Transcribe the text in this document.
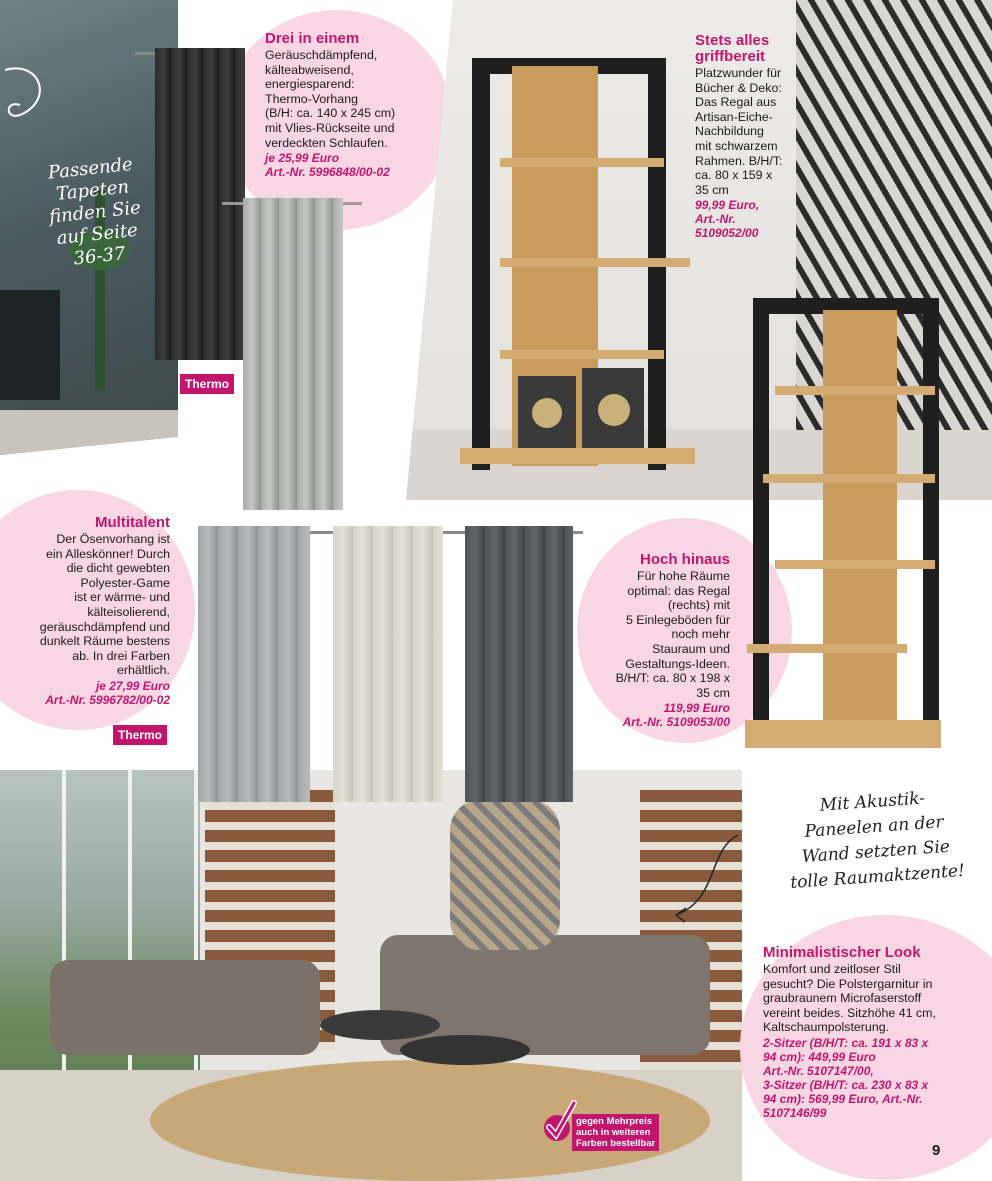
Passende
Tapeten
finden Sie
auf Seite
36-37
Thermo
Drei in einem
Geräuschdämpfend,
kälteabweisend,
energiesparend:
Thermo-Vorhang
(B/H: ca. 140 x 245 cm)
mit Vlies-Rückseite und
verdeckten Schlaufen.
je 25,99 Euro
Art.-Nr. 5996848/00-02
Stets alles
griffbereit
Platzwunder für
Bücher & Deko:
Das Regal aus
Artisan-Eiche-
Nachbildung
mit schwarzem
Rahmen. B/H/T:
ca. 80 x 159 x
35 cm
99,99 Euro,
Art.-Nr.
5109052/00
Multitalent
Der Ösenvorhang ist
ein Alleskönner! Durch
die dicht gewebten
Polyester-Game
ist er wärme- und
kälteisolierend,
geräuschdämpfend und
dunkelt Räume bestens
ab. In drei Farben
erhältlich.
je 27,99 Euro
Art.-Nr. 5996782/00-02
Thermo
Hoch hinaus
Für hohe Räume
optimal: das Regal
(rechts) mit
5 Einlegeböden für
noch mehr
Stauraum und
Gestaltungs-Ideen.
B/H/T: ca. 80 x 198 x
35 cm
119,99 Euro
Art.-Nr. 5109053/00
Mit Akustik-
Paneelen an der
Wand setzten Sie
tolle Raumaktzente!
Minimalistischer Look
Komfort und zeitloser Stil
gesucht? Die Polstergarnitur in
graubraunem Microfaserstoff
vereint beides. Sitzhöhe 41 cm,
Kaltschaumpolsterung.
2-Sitzer (B/H/T: ca. 191 x 83 x
94 cm): 449,99 Euro
Art.-Nr. 5107147/00,
3-Sitzer (B/H/T: ca. 230 x 83 x
94 cm): 569,99 Euro, Art.-Nr.
5107146/99
gegen Mehrpreis
auch in weiteren
Farben bestellbar	9
